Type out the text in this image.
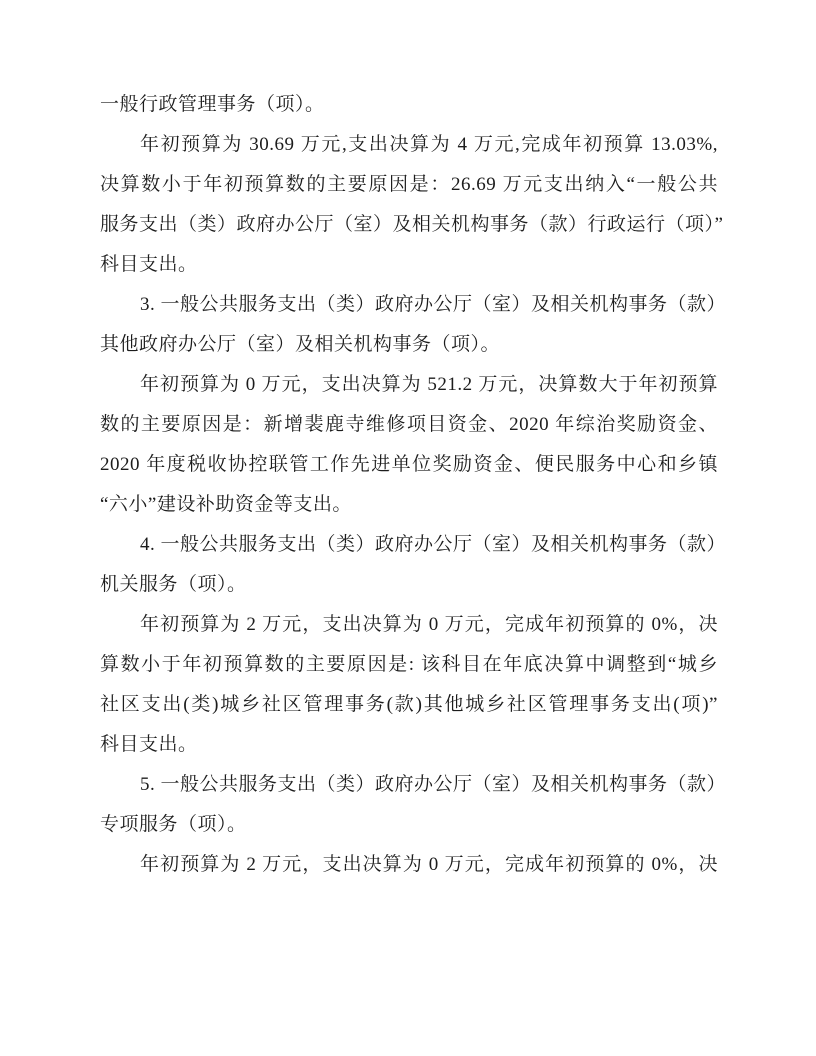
一般行政管理事务（项）。
年初预算为 30.69 万元,支出决算为 4 万元,完成年初预算 13.03%,
决算数小于年初预算数的主要原因是：26.69 万元支出纳入“一般公共
服务支出（类）政府办公厅（室）及相关机构事务（款）行政运行（项）”
科目支出。
3. 一般公共服务支出（类）政府办公厅（室）及相关机构事务（款）
其他政府办公厅（室）及相关机构事务（项）。
年初预算为 0 万元，支出决算为 521.2 万元，决算数大于年初预算
数的主要原因是：新增裴鹿寺维修项目资金、2020 年综治奖励资金、
2020 年度税收协控联管工作先进单位奖励资金、便民服务中心和乡镇
“六小”建设补助资金等支出。
4. 一般公共服务支出（类）政府办公厅（室）及相关机构事务（款）
机关服务（项）。
年初预算为 2 万元，支出决算为 0 万元，完成年初预算的 0%，决
算数小于年初预算数的主要原因是: 该科目在年底决算中调整到“城乡
社区支出(类)城乡社区管理事务(款)其他城乡社区管理事务支出(项)”
科目支出。
5. 一般公共服务支出（类）政府办公厅（室）及相关机构事务（款）
专项服务（项）。
年初预算为 2 万元，支出决算为 0 万元，完成年初预算的 0%，决
